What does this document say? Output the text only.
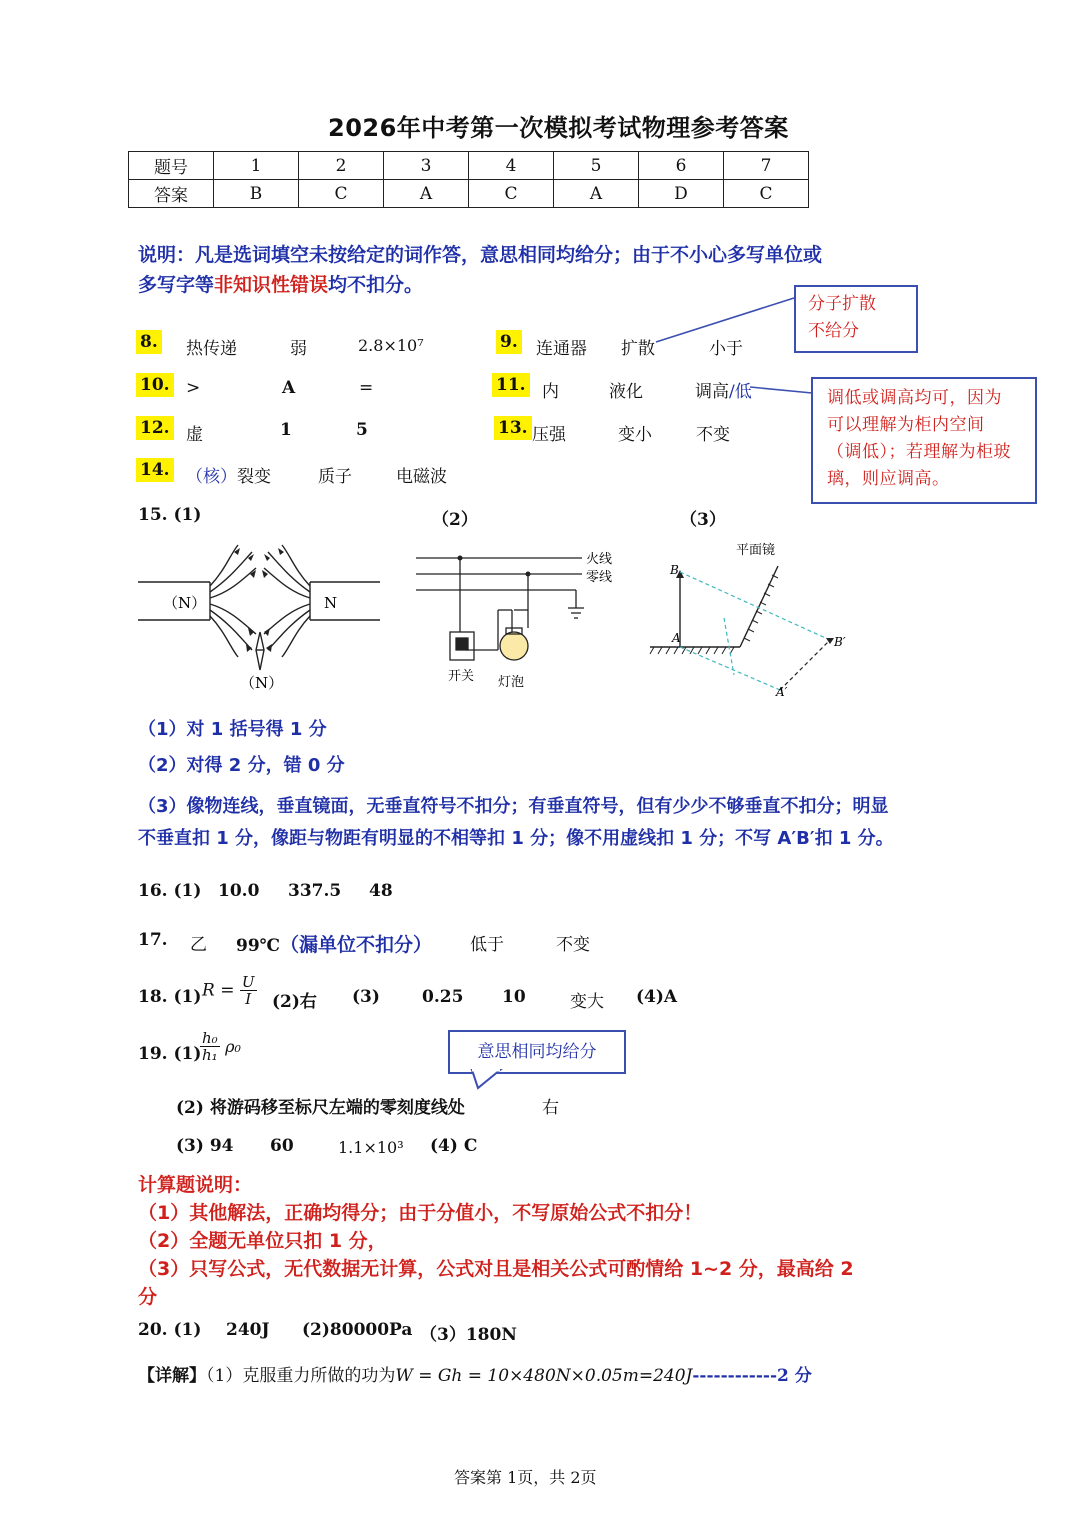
2026年中考第一次模拟考试物理参考答案
题号	1	2	3	4	5	6	7
答案	B	C	A	C	A	D	C
说明：凡是选词填空未按给定的词作答，意思相同均给分；由于不小心多写单位或
多写字等非知识性错误均不扣分。
分子扩散
不给分
8. 热传递	弱	2.8×10⁷	9. 连通器 扩散	小于
10. >	A	=	11. 内	液化	调高/低	调低或调高均可，因为
可以理解为柜内空间
（调低）；若理解为柜玻
璃，则应调高。
12. 虚	1	5	13. 压强	变小	不变
14. （核）裂变	质子	电磁波
15. (1)	（2）	（3）
（N）	N
（N）
火线
零线
开关 灯泡
平面镜
A
B
A′
B′
（1）对 1 括号得 1 分
（2）对得 2 分，错 0 分
（3）像物连线，垂直镜面，无垂直符号不扣分；有垂直符号，但有少少不够垂直不扣分；明显
不垂直扣 1 分，像距与物距有明显的不相等扣 1 分；像不用虚线扣 1 分；不写 A′B′扣 1 分。
16. (1) 10.0 337.5 48
17. 乙 99℃（漏单位不扣分） 低于	不变
18. (1) $R = \frac{U}{I} (2)$右 (3) 0.25 10	变大 (4)A
19. (1)
$\frac{\text{h₀}}{\text{h₁}} \rho_0$	意思相同均给分
(2) 将游码移至标尺左端的零刻度线处	右
(3) 94 60	1.1×10³ (4) C
计算题说明：
（1）其他解法，正确均得分；由于分值小，不写原始公式不扣分！
（2）全题无单位只扣 1 分，
（3）只写公式，无代数据无计算，公式对且是相关公式可酌情给 1~2 分，最高给 2
分
20. (1) 240J (2)80000Pa （3）180N
【详解】（1）克服重力所做的功为W = Gh = 10×480N×0.05m=240J------------2 分
答案第 1页，共 2页
